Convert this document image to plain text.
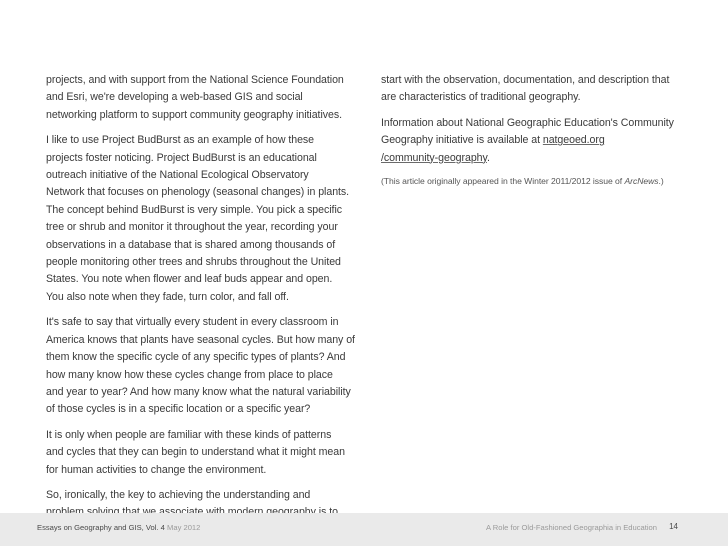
projects, and with support from the National Science Foundation
and Esri, we're developing a web-based GIS and social
networking platform to support community geography initiatives.

I like to use Project BudBurst as an example of how these
projects foster noticing. Project BudBurst is an educational
outreach initiative of the National Ecological Observatory
Network that focuses on phenology (seasonal changes) in plants.
The concept behind BudBurst is very simple. You pick a specific
tree or shrub and monitor it throughout the year, recording your
observations in a database that is shared among thousands of
people monitoring other trees and shrubs throughout the United
States. You note when flower and leaf buds appear and open.
You also note when they fade, turn color, and fall off.

It's safe to say that virtually every student in every classroom in
America knows that plants have seasonal cycles. But how many of
them know the specific cycle of any specific types of plants? And
how many know how these cycles change from place to place
and year to year? And how many know what the natural variability
of those cycles is in a specific location or a specific year?

It is only when people are familiar with these kinds of patterns
and cycles that they can begin to understand what it might mean
for human activities to change the environment.

So, ironically, the key to achieving the understanding and

start with the observation, documentation, and description that
are characteristics of traditional geography.

Information about National Geographic Education's Community
Geography initiative is available at natgeoed.org
/community-geography.

(This article originally appeared in the Winter 2011/2012 issue of ArcNews.)
Essays on Geography and GIS, Vol. 4 May 2012	A Role for Old-Fashioned Geographia in Education 14
